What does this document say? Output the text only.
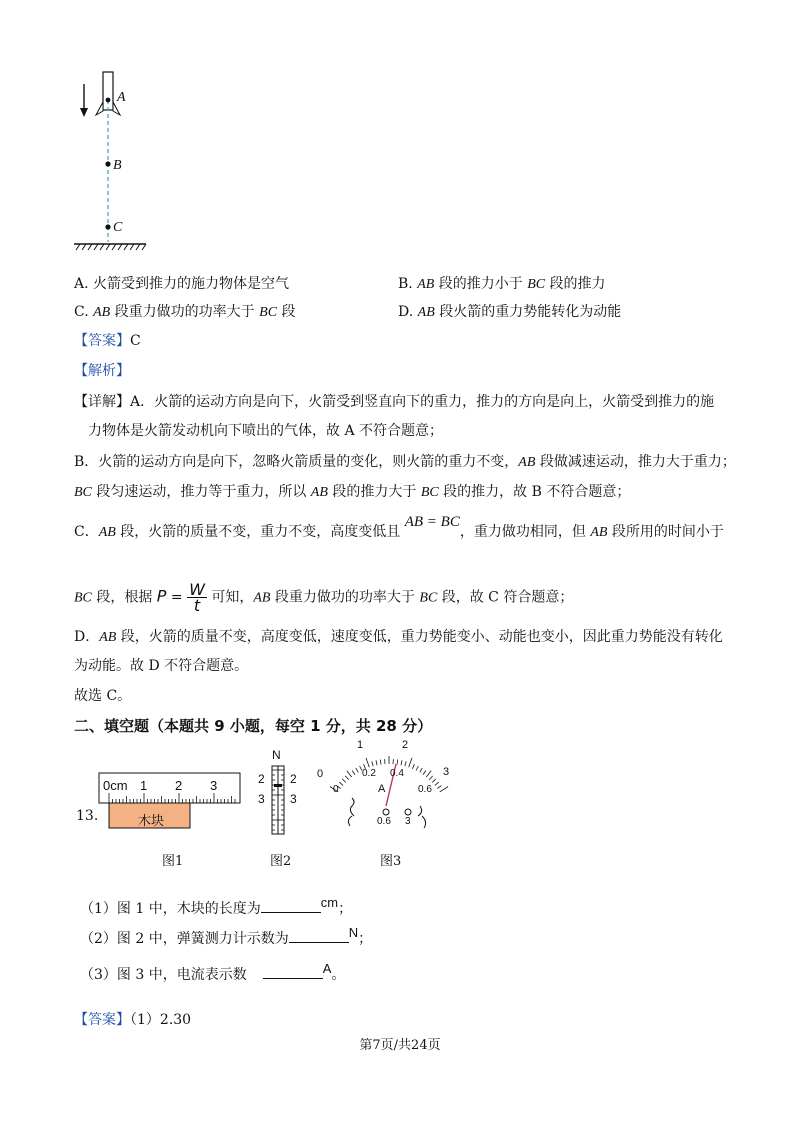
A
B
C
A. 火箭受到推力的施力物体是空气	B. AB 段的推力小于 BC 段的推力
C. AB 段重力做功的功率大于 BC 段	D. AB 段火箭的重力势能转化为动能
【答案】C
【解析】
【详解】A．火箭的运动方向是向下，火箭受到竖直向下的重力，推力的方向是向上，火箭受到推力的施
力物体是火箭发动机向下喷出的气体，故 A 不符合题意；
B．火箭的运动方向是向下，忽略火箭质量的变化，则火箭的重力不变，AB 段做减速运动，推力大于重力；
BC 段匀速运动，推力等于重力，所以 AB 段的推力大于 BC 段的推力，故 B 不符合题意；
C．AB 段，火箭的质量不变，重力不变，高度变低且 AB = BC，重力做功相同，但 AB 段所用的时间小于
BC 段，根据 $P = \frac{W}{t}$ 可知，AB 段重力做功的功率大于 BC 段，故 C 符合题意；
D．AB 段，火箭的质量不变，高度变低，速度变低，重力势能变小、动能也变小，因此重力势能没有转化
为动能。故 D 不符合题意。
故选 C。
二、填空题（本题共 9 小题，每空 1 分，共 28 分）
13.
0cm 1 2 3
木块
N
2 2
3 3
0
1	2
3
0
0.2 0.4
0.6
A
0.6 3
图1	图2	图3
（1）图 1 中，木块的长度为	cm；
（2）图 2 中，弹簧测力计示数为	N；
（3）图 3 中，电流表示数	A。
【答案】（1）2.30
第7页/共24页
